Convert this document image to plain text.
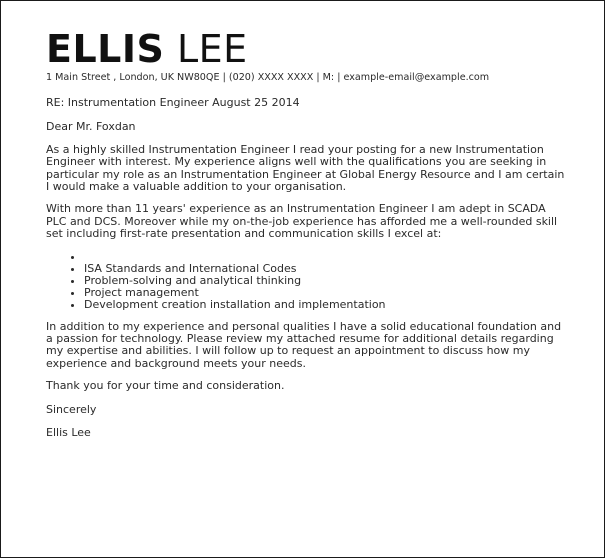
ELLIS LEE
1 Main Street , London, UK NW80QE | (020) XXXX XXXX | M: | example-email@example.com
RE: Instrumentation Engineer August 25 2014
Dear Mr. Foxdan

As a highly skilled Instrumentation Engineer I read your posting for a new Instrumentation Engineer with interest. My experience aligns well with the qualifications you are seeking in particular my role as an Instrumentation Engineer at Global Energy Resource and I am certain I would make a valuable addition to your organisation.

With more than 11 years' experience as an Instrumentation Engineer I am adept in SCADA PLC and DCS. Moreover while my on-the-job experience has afforded me a well-rounded skill set including first-rate presentation and communication skills I excel at:

•
• ISA Standards and International Codes
• Problem-solving and analytical thinking
• Project management
• Development creation installation and implementation

In addition to my experience and personal qualities I have a solid educational foundation and a passion for technology. Please review my attached resume for additional details regarding my expertise and abilities. I will follow up to request an appointment to discuss how my experience and background meets your needs.

Thank you for your time and consideration.
Sincerely
Ellis Lee
